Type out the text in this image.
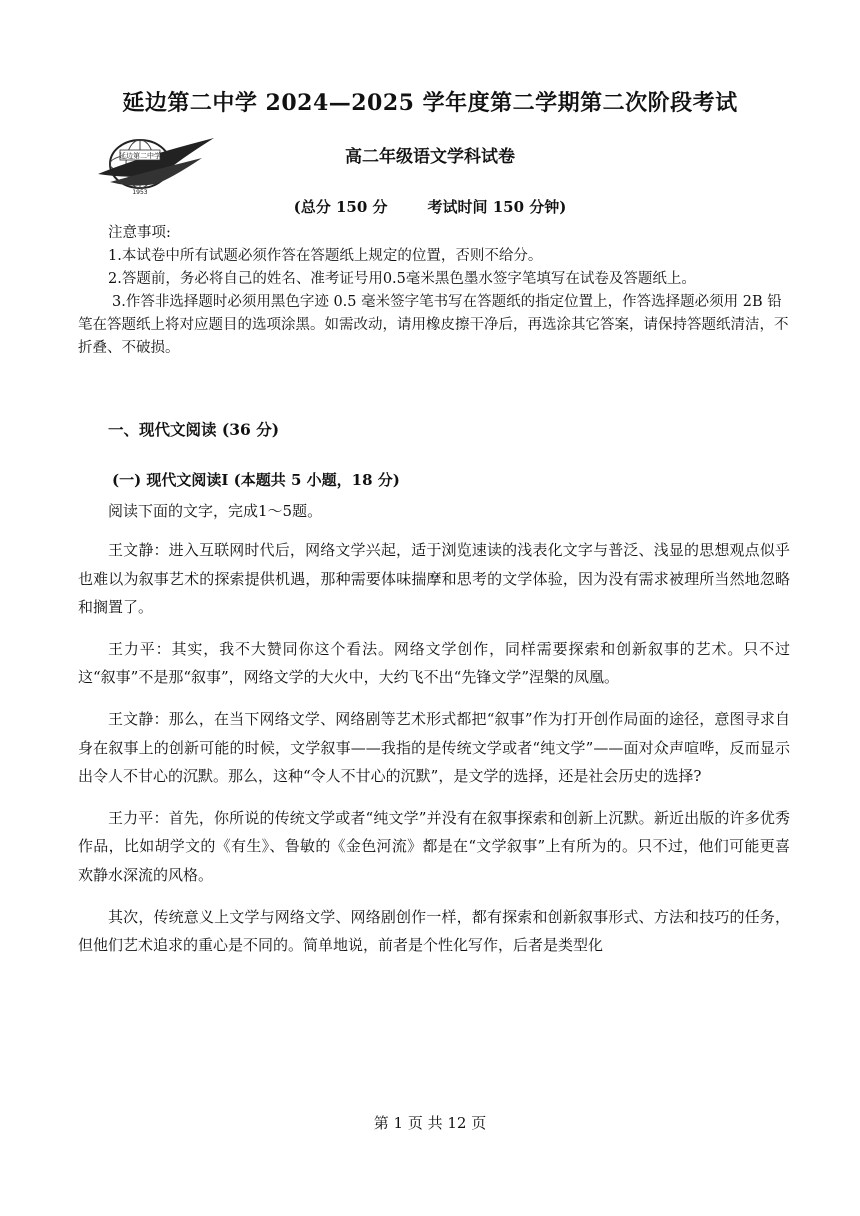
延边第二中学 2024—2025 学年度第二学期第二次阶段考试
延边第二中学
1953
高二年级语文学科试卷
(总分 150 分	考试时间 150 分钟)

注意事项:

1.本试卷中所有试题必须作答在答题纸上规定的位置，否则不给分。

2.答题前，务必将自己的姓名、准考证号用0.5毫米黑色墨水签字笔填写在试卷及答题纸上。

3.作答非选择题时必须用黑色字迹 0.5 毫米签字笔书写在答题纸的指定位置上，作答选择题必须用 2B 铅笔在答题纸上将对应题目的选项涂黑。如需改动，请用橡皮擦干净后，再选涂其它答案，请保持答题纸清洁，不折叠、不破损。

一、现代文阅读 (36 分)
(一) 现代文阅读Ⅰ (本题共 5 小题，18 分)
阅读下面的文字，完成1～5题。

王文静：进入互联网时代后，网络文学兴起，适于浏览速读的浅表化文字与普泛、浅显的思想观点似乎也难以为叙事艺术的探索提供机遇，那种需要体味揣摩和思考的文学体验，因为没有需求被理所当然地忽略和搁置了。

王力平：其实，我不大赞同你这个看法。网络文学创作，同样需要探索和创新叙事的艺术。只不过这“叙事”不是那“叙事”，网络文学的大火中，大约飞不出“先锋文学”涅槃的凤凰。

王文静：那么，在当下网络文学、网络剧等艺术形式都把“叙事”作为打开创作局面的途径，意图寻求自身在叙事上的创新可能的时候，文学叙事——我指的是传统文学或者“纯文学”——面对众声喧哗，反而显示出令人不甘心的沉默。那么，这种“令人不甘心的沉默”，是文学的选择，还是社会历史的选择?

王力平：首先，你所说的传统文学或者“纯文学”并没有在叙事探索和创新上沉默。新近出版的许多优秀作品，比如胡学文的《有生》、鲁敏的《金色河流》都是在“文学叙事”上有所为的。只不过，他们可能更喜欢静水深流的风格。

其次，传统意义上文学与网络文学、网络剧创作一样，都有探索和创新叙事形式、方法和技巧的任务，但他们艺术追求的重心是不同的。简单地说，前者是个性化写作，后者是类型化

第 1 页 共 12 页
